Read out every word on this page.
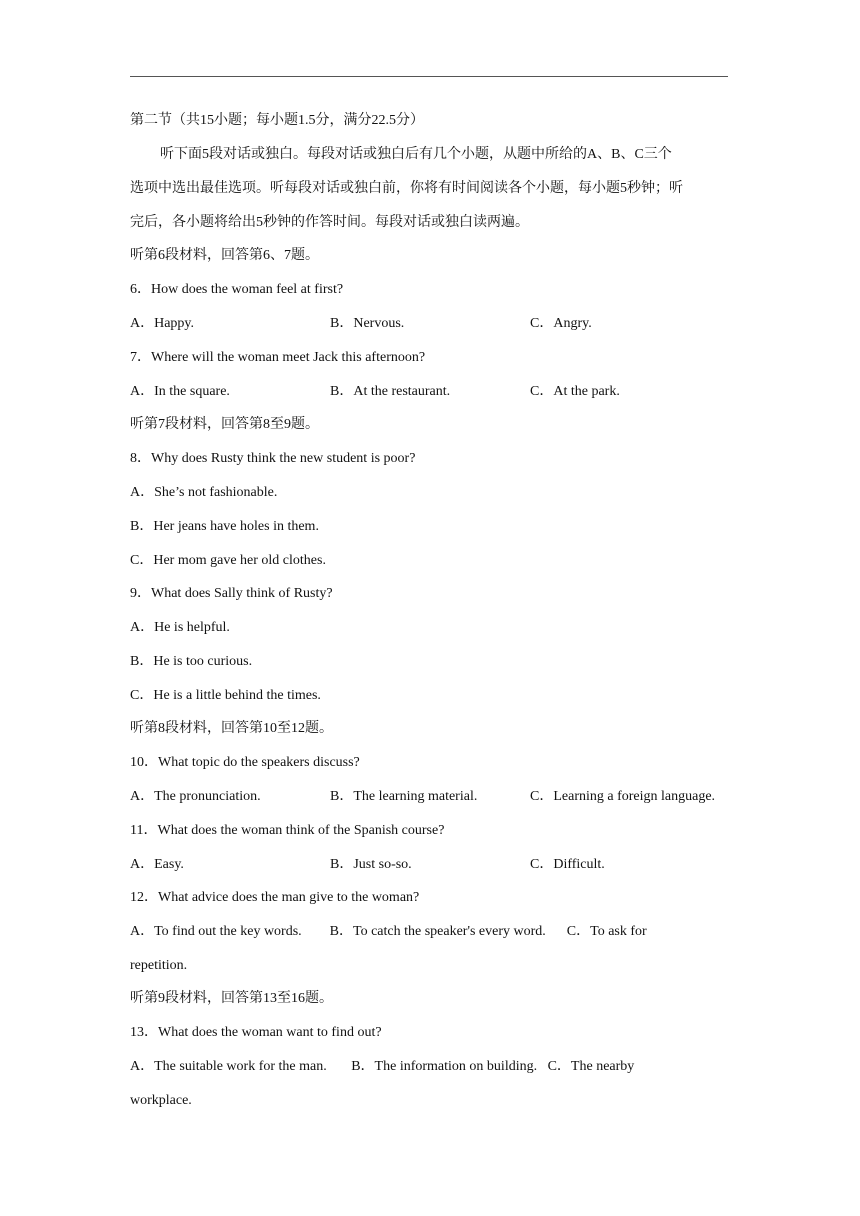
第二节（共15小题；每小题1.5分，满分22.5分）
听下面5段对话或独白。每段对话或独白后有几个小题，从题中所给的A、B、C三个
选项中选出最佳选项。听每段对话或独白前，你将有时间阅读各个小题，每小题5秒钟；听
完后，各小题将给出5秒钟的作答时间。每段对话或独白读两遍。
听第6段材料，回答第6、7题。
6．How does the woman feel at first?
A．Happy.	B．Nervous.	C．Angry.
7．Where will the woman meet Jack this afternoon?
A．In the square.	B．At the restaurant.	C．At the park.
听第7段材料，回答第8至9题。
8．Why does Rusty think the new student is poor?
A．She’s not fashionable.
B．Her jeans have holes in them.
C．Her mom gave her old clothes.
9．What does Sally think of Rusty?
A．He is helpful.
B．He is too curious.
C．He is a little behind the times.
听第8段材料，回答第10至12题。
10．What topic do the speakers discuss?
A．The pronunciation.	B．The learning material.	C．Learning a foreign language.
11．What does the woman think of the Spanish course?
A．Easy.	B．Just so-so.	C．Difficult.
12．What advice does the man give to the woman?
A．To find out the key words.        B．To catch the speaker's every word.      C．To ask for
repetition.
听第9段材料，回答第13至16题。
13．What does the woman want to find out?
A．The suitable work for the man.       B．The information on building.   C．The nearby
workplace.
